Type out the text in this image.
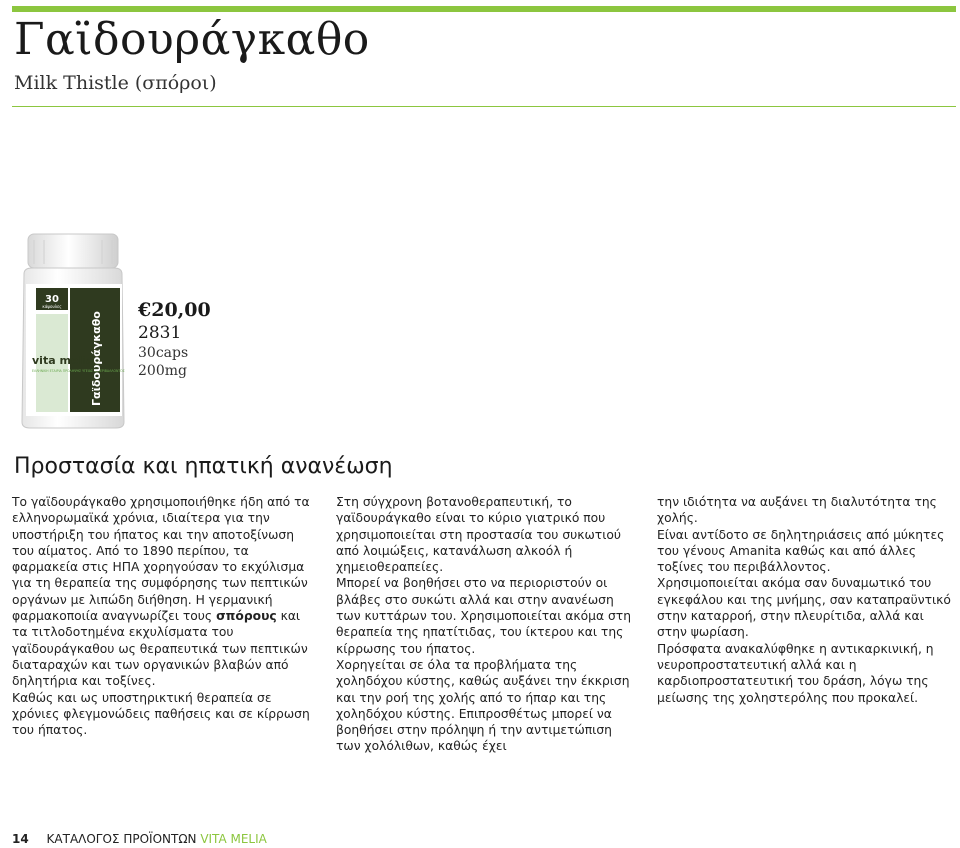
Γαϊδουράγκαθο

Milk Thistle (σπόροι)

30
κάψουλες
vita melia
ΕΛΛΗΝΙΚΗ ΕΤΑΙΡΙΑ ΠΡΟΛΗΨΗΣ ΥΓΕΙΑΣ & ΠΕΡΙΒΑΛΛΟΝΤΟΣ
Γαϊδουράγκαθο
€20,00
2831
30caps
200mg
Προστασία και ηπατική ανανέωση

Το γαϊδουράγκαθο χρησιμοποιήθηκε ήδη από τα ελληνορωμαϊκά χρόνια, ιδιαίτερα για την υποστήριξη του ήπατος και την αποτοξίνωση του αίματος. Από το 1890 περίπου, τα φαρμακεία στις ΗΠΑ χορηγούσαν το εκχύλισμα για τη θεραπεία της συμφόρησης των πεπτικών οργάνων με λιπώδη διήθηση. Η γερμανική φαρμακοποιία αναγνωρίζει τους σπόρους και τα τιτλοδοτημένα εκχυλίσματα του γαϊδουράγκαθου ως θεραπευτικά των πεπτικών διαταραχών και των οργανικών βλαβών από δηλητήρια και τοξίνες.

Καθώς και ως υποστηρικτική θεραπεία σε χρόνιες φλεγμονώδεις παθήσεις και σε κίρρωση του ήπατος.

Στη σύγχρονη βοτανοθεραπευτική, το γαϊδουράγκαθο είναι το κύριο γιατρικό που χρησιμοποιείται στη προστασία του συκωτιού από λοιμώξεις, κατανάλωση αλκοόλ ή χημειοθεραπείες.

Μπορεί να βοηθήσει στο να περιοριστούν οι βλάβες στο συκώτι αλλά και στην ανανέωση των κυττάρων του. Χρησιμοποιείται ακόμα στη θεραπεία της ηπατίτιδας, του ίκτερου και της κίρρωσης του ήπατος.

Χορηγείται σε όλα τα προβλήματα της χοληδόχου κύστης, καθώς αυξάνει την έκκριση και την ροή της χολής από το ήπαρ και της χοληδόχου κύστης. Επιπροσθέτως μπορεί να βοηθήσει στην πρόληψη ή την αντιμετώπιση των χολόλιθων, καθώς έχει

την ιδιότητα να αυξάνει τη διαλυτότητα της χολής.

Είναι αντίδοτο σε δηλητηριάσεις από μύκητες του γένους Amanita καθώς και από άλλες τοξίνες του περιβάλλοντος.

Χρησιμοποιείται ακόμα σαν δυναμωτικό του εγκεφάλου και της μνήμης, σαν καταπραϋντικό στην καταρροή, στην πλευρίτιδα, αλλά και στην ψωρίαση.

Πρόσφατα ανακαλύφθηκε η αντικαρκινική, η νευροπροστατευτική αλλά και η καρδιοπροστατευτική του δράση, λόγω της μείωσης της χοληστερόλης που προκαλεί.

14 ΚΑΤΑΛΟΓΟΣ ΠΡΟΪΟΝΤΩΝ VITA MELIA
